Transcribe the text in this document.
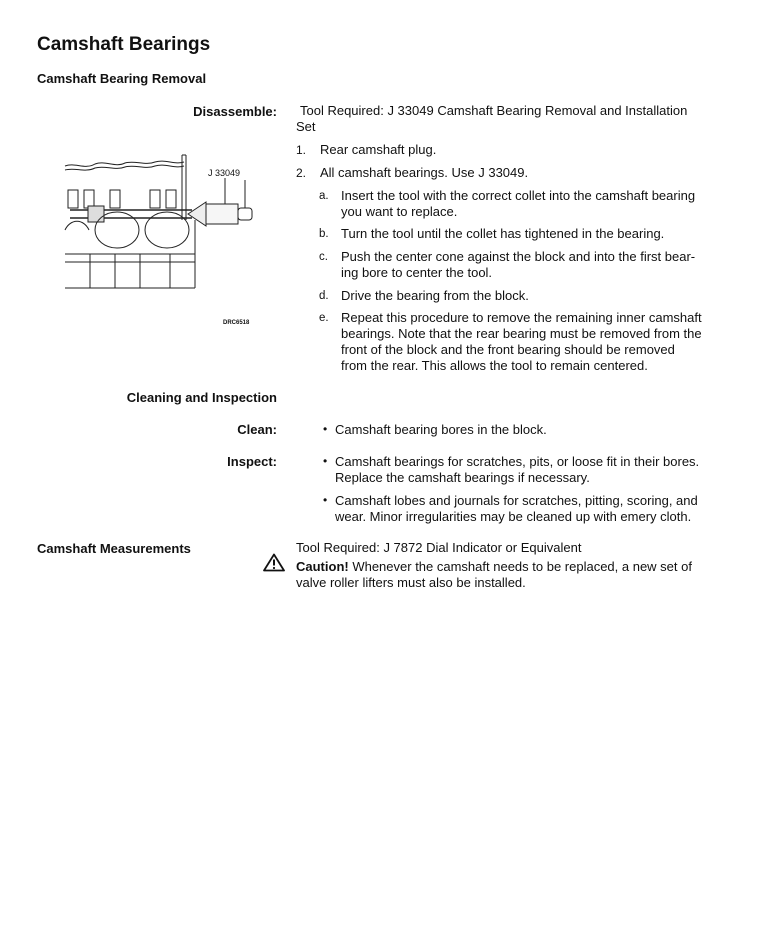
Camshaft Bearings
Camshaft Bearing Removal
Disassemble:	Tool Required: J 33049 Camshaft Bearing Removal and Installation
Set
1. Rear camshaft plug.
2. All camshaft bearings. Use J 33049.
a. Insert the tool with the correct collet into the camshaft bearing
you want to replace.
b. Turn the tool until the collet has tightened in the bearing.
c. Push the center cone against the block and into the first bear-
ing bore to center the tool.
d. Drive the bearing from the block.
e. Repeat this procedure to remove the remaining inner camshaft
bearings. Note that the rear bearing must be removed from the
front of the block and the front bearing should be removed
from the rear. This allows the tool to remain centered.
J 33049
DRC6518
Cleaning and Inspection
Clean:
Inspect:
• Camshaft bearing bores in the block.
• Camshaft bearings for scratches, pits, or loose fit in their bores.
Replace the camshaft bearings if necessary.
• Camshaft lobes and journals for scratches, pitting, scoring, and
wear. Minor irregularities may be cleaned up with emery cloth.
Camshaft Measurements	Tool Required: J 7872 Dial Indicator or Equivalent
Caution! Whenever the camshaft needs to be replaced, a new set of
valve roller lifters must also be installed.
